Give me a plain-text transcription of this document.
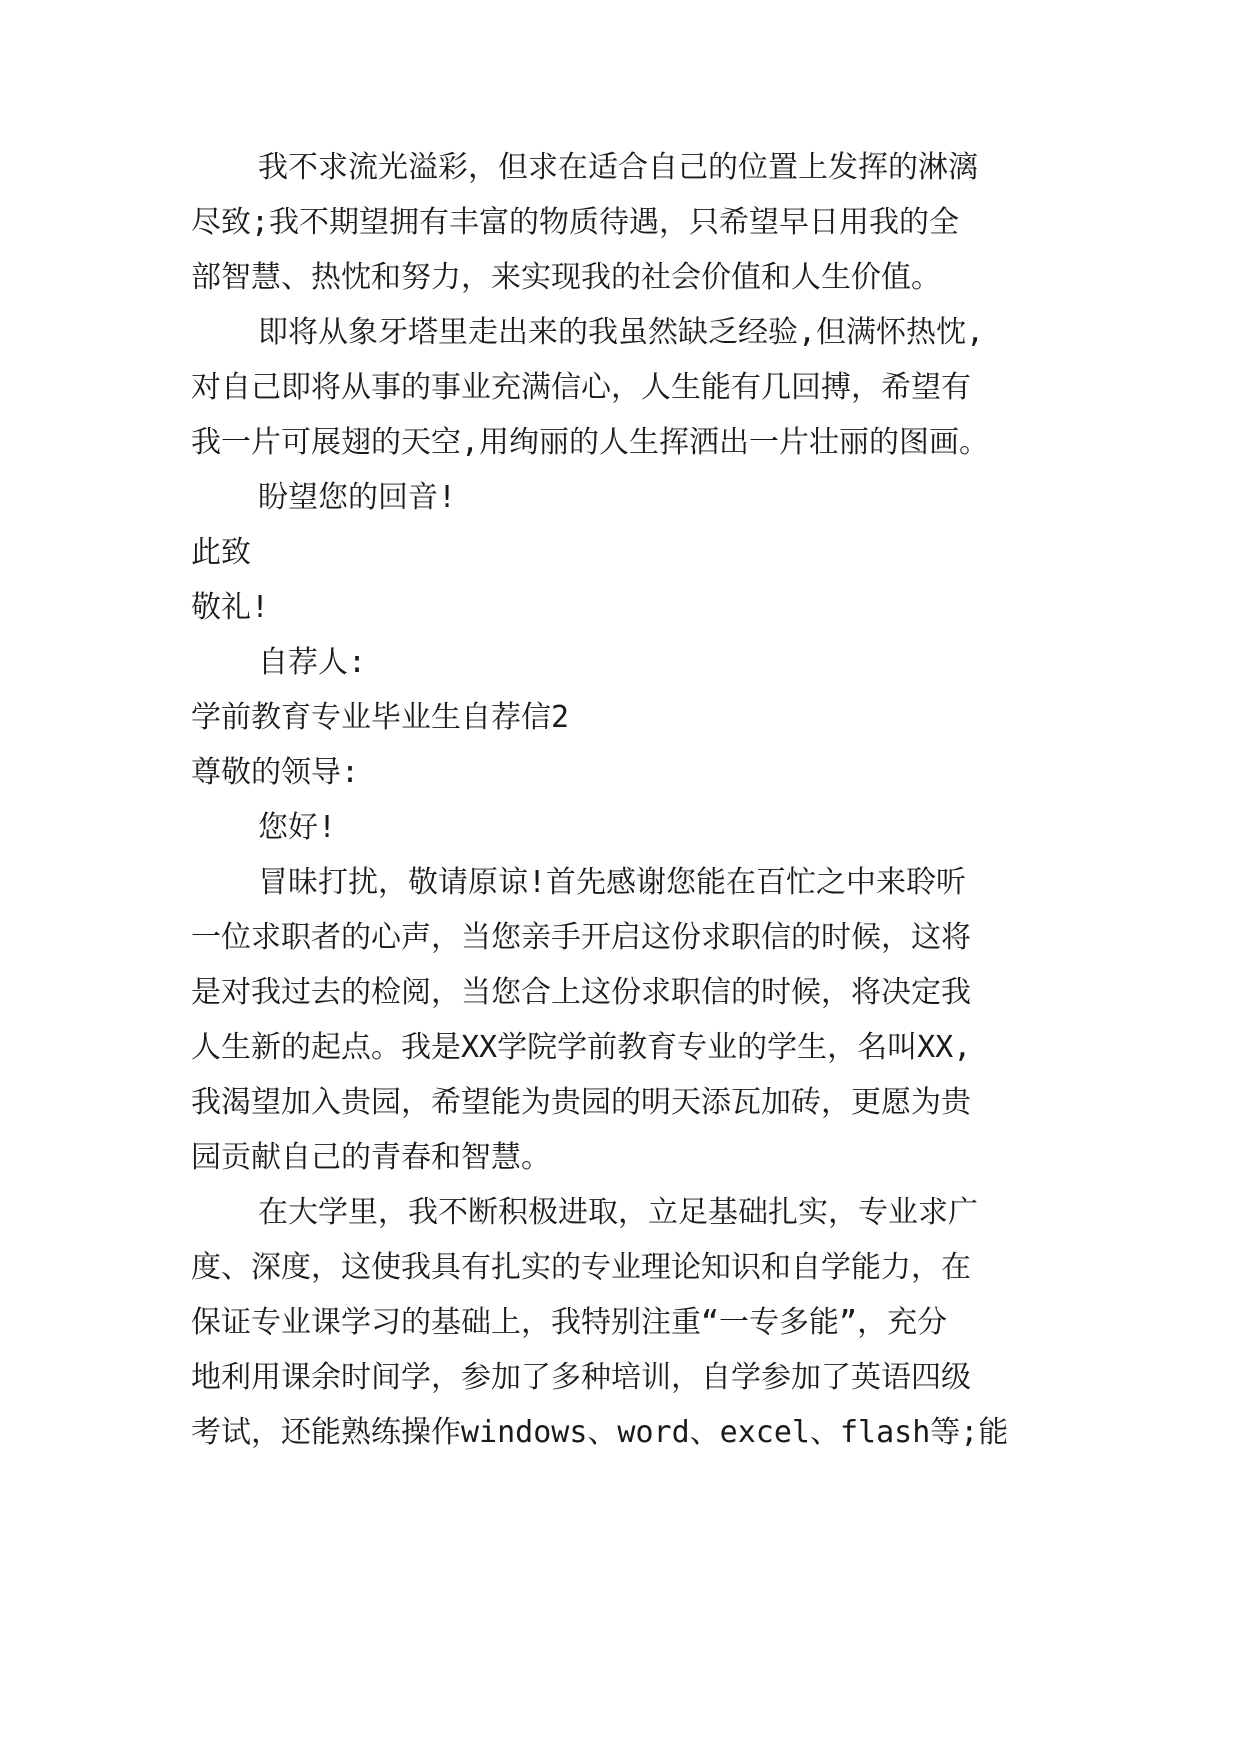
我不求流光溢彩，但求在适合自己的位置上发挥的淋漓
尽致;我不期望拥有丰富的物质待遇，只希望早日用我的全
部智慧、热忱和努力，来实现我的社会价值和人生价值。
即将从象牙塔里走出来的我虽然缺乏经验,但满怀热忱,
对自己即将从事的事业充满信心，人生能有几回搏，希望有
我一片可展翅的天空,用绚丽的人生挥洒出一片壮丽的图画。
盼望您的回音!
此致
敬礼!
自荐人:
学前教育专业毕业生自荐信2
尊敬的领导:
您好!
冒昧打扰，敬请原谅!首先感谢您能在百忙之中来聆听
一位求职者的心声，当您亲手开启这份求职信的时候，这将
是对我过去的检阅，当您合上这份求职信的时候，将决定我
人生新的起点。我是XX学院学前教育专业的学生，名叫XX,
我渴望加入贵园，希望能为贵园的明天添瓦加砖，更愿为贵
园贡献自己的青春和智慧。
在大学里，我不断积极进取，立足基础扎实，专业求广
度、深度，这使我具有扎实的专业理论知识和自学能力，在
保证专业课学习的基础上，我特别注重“一专多能”，充分
地利用课余时间学，参加了多种培训，自学参加了英语四级
考试，还能熟练操作windows、word、excel、flash等;能
